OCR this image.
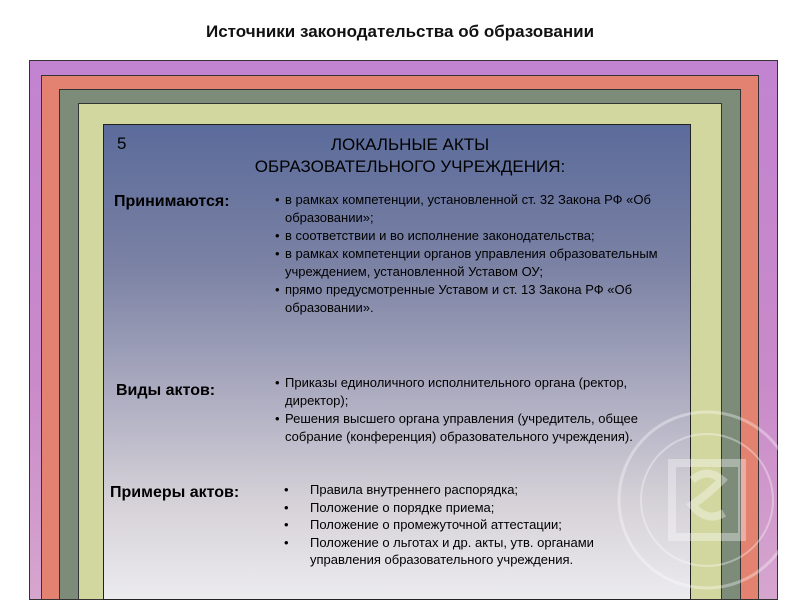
Источники законодательства об образовании
5	ЛОКАЛЬНЫЕ АКТЫ
ОБРАЗОВАТЕЛЬНОГО УЧРЕЖДЕНИЯ:
Принимаются:	• в рамках компетенции, установленной ст. 32 Закона РФ «Об образовании»;
• в соответствии и во исполнение законодательства;
• в рамках компетенции органов управления образовательным учреждением, установленной Уставом ОУ;
• прямо предусмотренные Уставом и ст. 13 Закона РФ «Об образовании».
Виды актов:	• Приказы единоличного исполнительного органа (ректор, директор);
• Решения высшего органа управления (учредитель, общее собрание (конференция) образовательного учреждения).
Примеры актов:	• Правила внутреннего распорядка;
• Положение о порядке приема;
• Положение о промежуточной аттестации;
• Положение о льготах и др. акты, утв. органами управления образовательного учреждения.
